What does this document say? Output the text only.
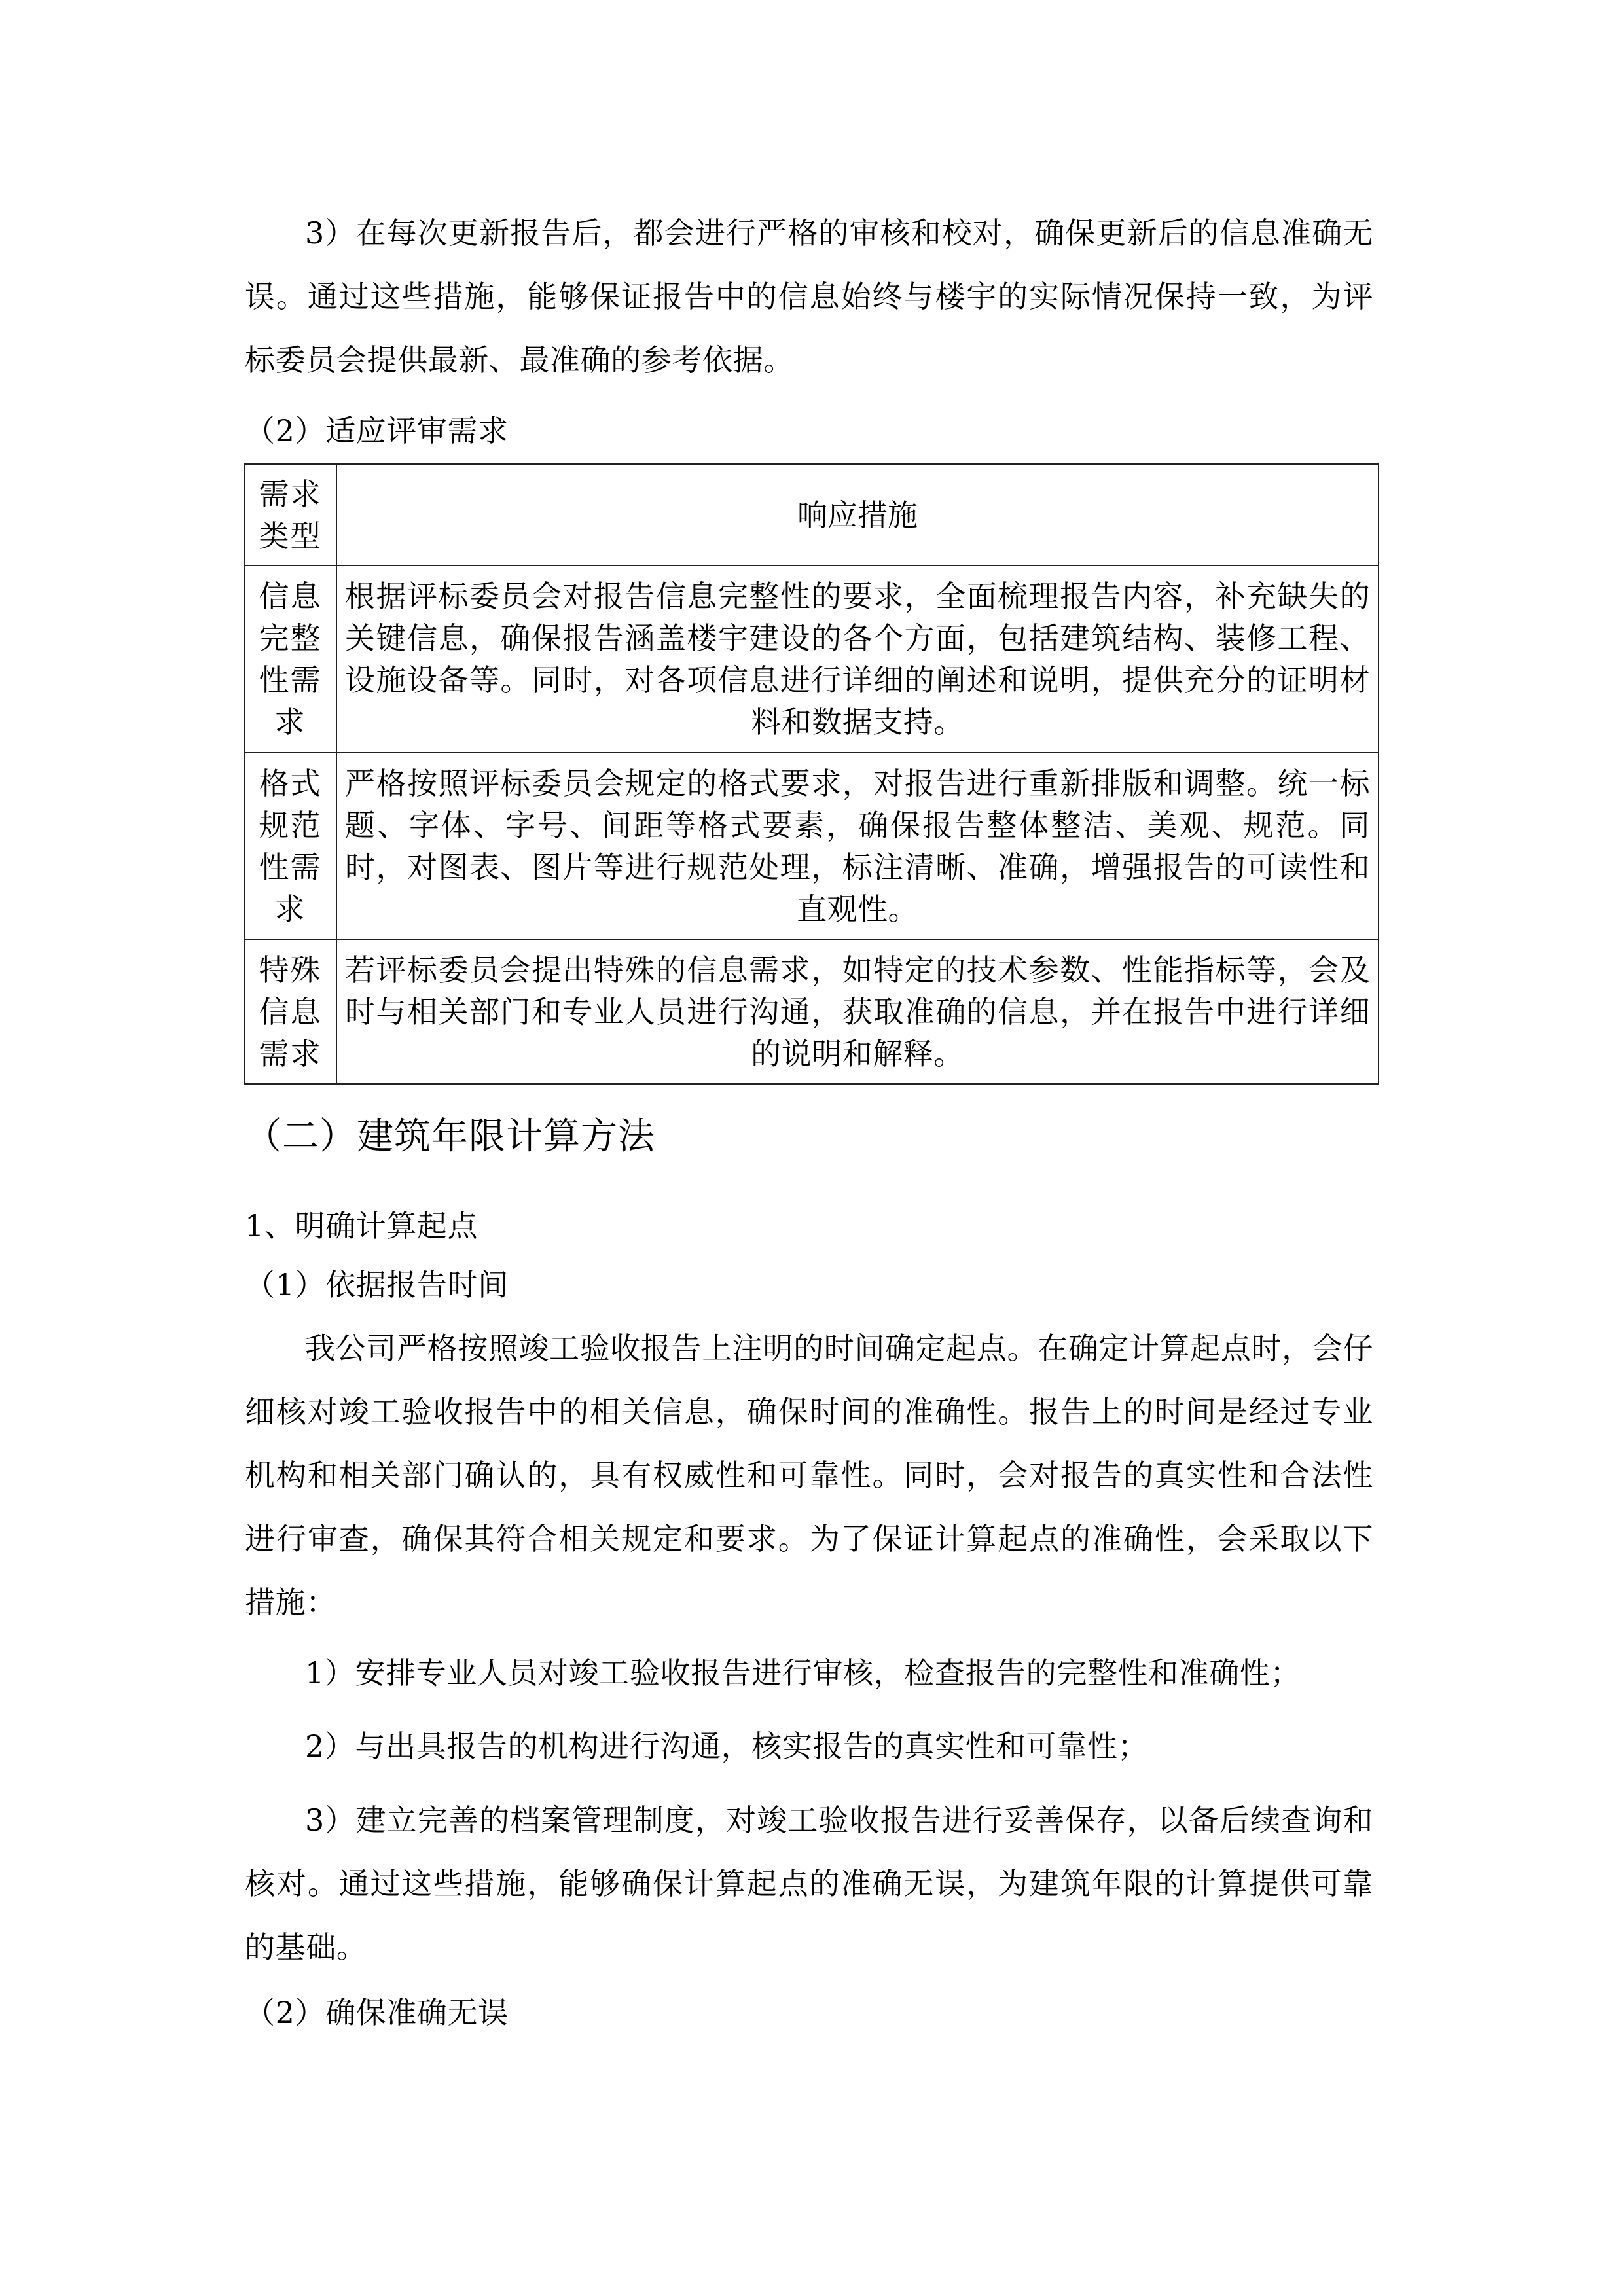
3）在每次更新报告后，都会进行严格的审核和校对，确保更新后的信息准确无误。通过这些措施，能够保证报告中的信息始终与楼宇的实际情况保持一致，为评标委员会提供最新、最准确的参考依据。

（2）适应评审需求

需求类型	响应措施
信息完整性需求	根据评标委员会对报告信息完整性的要求，全面梳理报告内容，补充缺失的关键信息，确保报告涵盖楼宇建设的各个方面，包括建筑结构、装修工程、设施设备等。同时，对各项信息进行详细的阐述和说明，提供充分的证明材料和数据支持。
格式规范性需求	严格按照评标委员会规定的格式要求，对报告进行重新排版和调整。统一标题、字体、字号、间距等格式要素，确保报告整体整洁、美观、规范。同时，对图表、图片等进行规范处理，标注清晰、准确，增强报告的可读性和直观性。
特殊信息需求	若评标委员会提出特殊的信息需求，如特定的技术参数、性能指标等，会及时与相关部门和专业人员进行沟通，获取准确的信息，并在报告中进行详细的说明和解释。
（二）建筑年限计算方法

1、明确计算起点

（1）依据报告时间

我公司严格按照竣工验收报告上注明的时间确定起点。在确定计算起点时，会仔细核对竣工验收报告中的相关信息，确保时间的准确性。报告上的时间是经过专业机构和相关部门确认的，具有权威性和可靠性。同时，会对报告的真实性和合法性进行审查，确保其符合相关规定和要求。为了保证计算起点的准确性，会采取以下措施：

1）安排专业人员对竣工验收报告进行审核，检查报告的完整性和准确性；

2）与出具报告的机构进行沟通，核实报告的真实性和可靠性；

3）建立完善的档案管理制度，对竣工验收报告进行妥善保存，以备后续查询和核对。通过这些措施，能够确保计算起点的准确无误，为建筑年限的计算提供可靠的基础。

（2）确保准确无误
